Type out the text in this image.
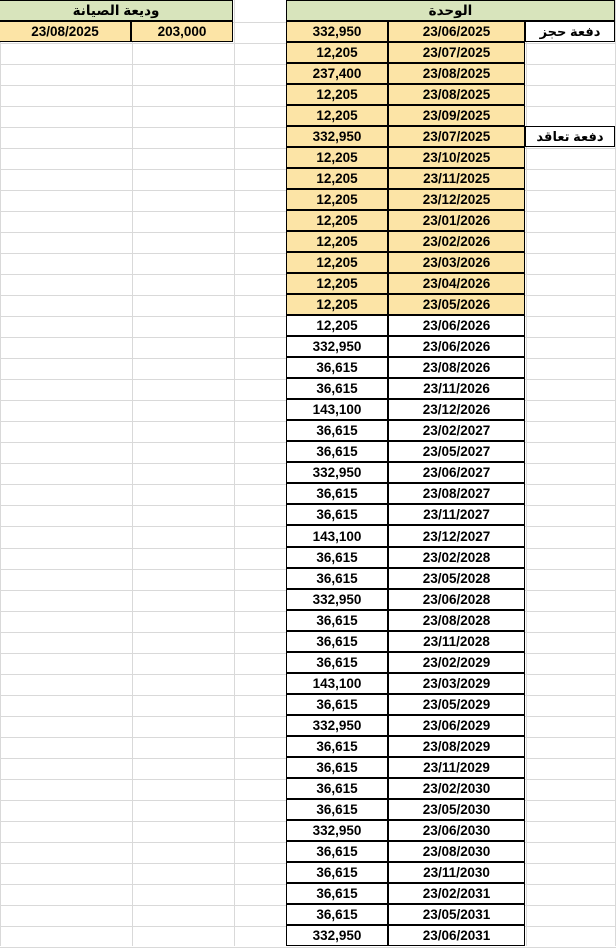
وديعة الصيانة
23/08/2025	203,000
الوحدة
332,950	23/06/2025	دفعة حجز
12,205	23/07/2025
237,400	23/08/2025
12,205	23/08/2025
12,205	23/09/2025
332,950	23/07/2025	دفعة تعاقد
12,205	23/10/2025
12,205	23/11/2025
12,205	23/12/2025
12,205	23/01/2026
12,205	23/02/2026
12,205	23/03/2026
12,205	23/04/2026
12,205	23/05/2026
12,205	23/06/2026
332,950	23/06/2026
36,615	23/08/2026
36,615	23/11/2026
143,100	23/12/2026
36,615	23/02/2027
36,615	23/05/2027
332,950	23/06/2027
36,615	23/08/2027
36,615	23/11/2027
143,100	23/12/2027
36,615	23/02/2028
36,615	23/05/2028
332,950	23/06/2028
36,615	23/08/2028
36,615	23/11/2028
36,615	23/02/2029
143,100	23/03/2029
36,615	23/05/2029
332,950	23/06/2029
36,615	23/08/2029
36,615	23/11/2029
36,615	23/02/2030
36,615	23/05/2030
332,950	23/06/2030
36,615	23/08/2030
36,615	23/11/2030
36,615	23/02/2031
36,615	23/05/2031
332,950	23/06/2031
